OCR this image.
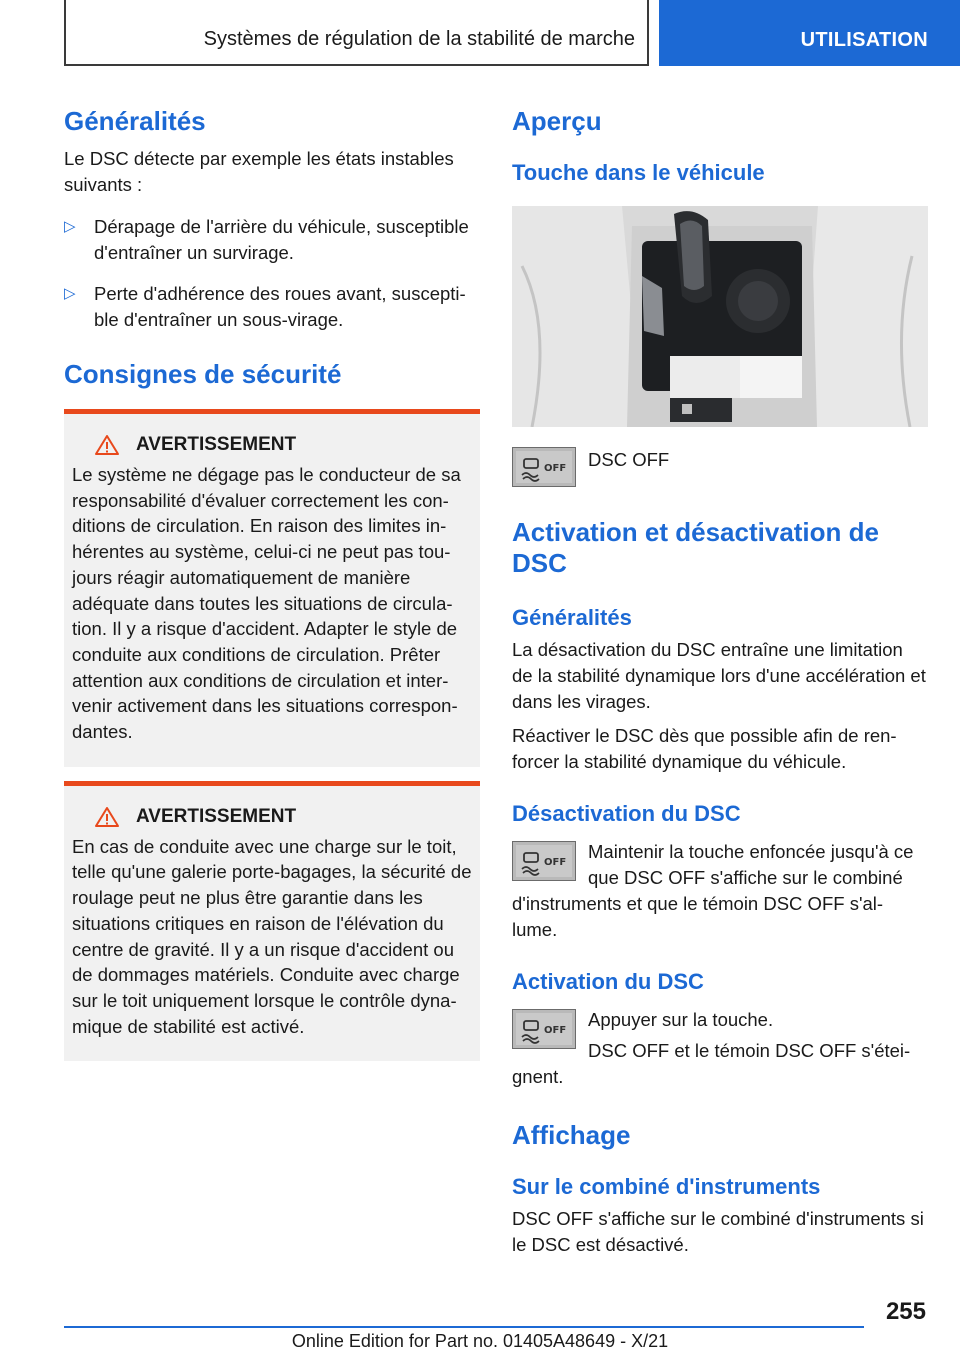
Systèmes de régulation de la stabilité de marche	UTILISATION
Généralités

Le DSC détecte par exemple les états instables suivants :

▷ Dérapage de l'arrière du véhicule, susceptible d'entraîner un survirage.
▷ Perte d'adhérence des roues avant, suscepti-ble d'entraîner un sous-virage.
Consignes de sécurité
AVERTISSEMENT

Le système ne dégage pas le conducteur de sa responsabilité d'évaluer correctement les con-ditions de circulation. En raison des limites in-hérentes au système, celui-ci ne peut pas tou-jours réagir automatiquement de manière adéquate dans toutes les situations de circula-tion. Il y a risque d'accident. Adapter le style de conduite aux conditions de circulation. Prêter attention aux conditions de circulation et inter-venir activement dans les situations correspon-dantes.

AVERTISSEMENT

En cas de conduite avec une charge sur le toit, telle qu'une galerie porte-bagages, la sécurité de roulage peut ne plus être garantie dans les situations critiques en raison de l'élévation du centre de gravité. Il y a un risque d'accident ou de dommages matériels. Conduite avec charge sur le toit uniquement lorsque le contrôle dyna-mique de stabilité est activé.

Aperçu
Touche dans le véhicule
OFF DSC OFF

Activation et désactivation de DSC
Généralités

La désactivation du DSC entraîne une limitation de la stabilité dynamique lors d'une accélération et dans les virages.

Réactiver le DSC dès que possible afin de ren-forcer la stabilité dynamique du véhicule.

Désactivation du DSC
OFF

Maintenir la touche enfoncée jusqu'à ce que DSC OFF s'affiche sur le combiné d'instruments et que le témoin DSC OFF s'al-lume.

Activation du DSC
OFF

Appuyer sur la touche.

DSC OFF et le témoin DSC OFF s'étei-gnent.

Affichage
Sur le combiné d'instruments

DSC OFF s'affiche sur le combiné d'instruments si le DSC est désactivé.

255
Online Edition for Part no. 01405A48649 - X/21
